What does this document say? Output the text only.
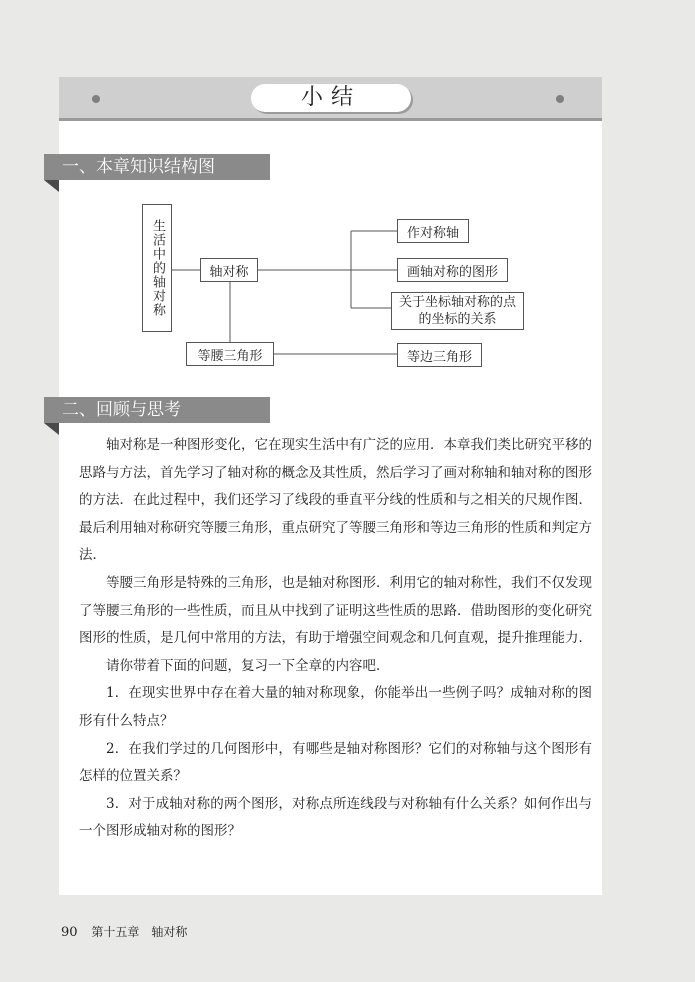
小结
一、本章知识结构图
生活中的轴对称	轴对称
等腰三角形
作对称轴
画轴对称的图形
关于坐标轴对称的点的坐标的关系
等边三角形
二、回顾与思考

轴对称是一种图形变化，它在现实生活中有广泛的应用．本章我们类比研究平移的思路与方法，首先学习了轴对称的概念及其性质，然后学习了画对称轴和轴对称的图形的方法．在此过程中，我们还学习了线段的垂直平分线的性质和与之相关的尺规作图．最后利用轴对称研究等腰三角形，重点研究了等腰三角形和等边三角形的性质和判定方法．

等腰三角形是特殊的三角形，也是轴对称图形．利用它的轴对称性，我们不仅发现了等腰三角形的一些性质，而且从中找到了证明这些性质的思路．借助图形的变化研究图形的性质，是几何中常用的方法，有助于增强空间观念和几何直观，提升推理能力．

请你带着下面的问题，复习一下全章的内容吧．

1．在现实世界中存在着大量的轴对称现象，你能举出一些例子吗？成轴对称的图形有什么特点？

2．在我们学过的几何图形中，有哪些是轴对称图形？它们的对称轴与这个图形有怎样的位置关系？

3．对于成轴对称的两个图形，对称点所连线段与对称轴有什么关系？如何作出与一个图形成轴对称的图形？

90 第十五章　轴对称
